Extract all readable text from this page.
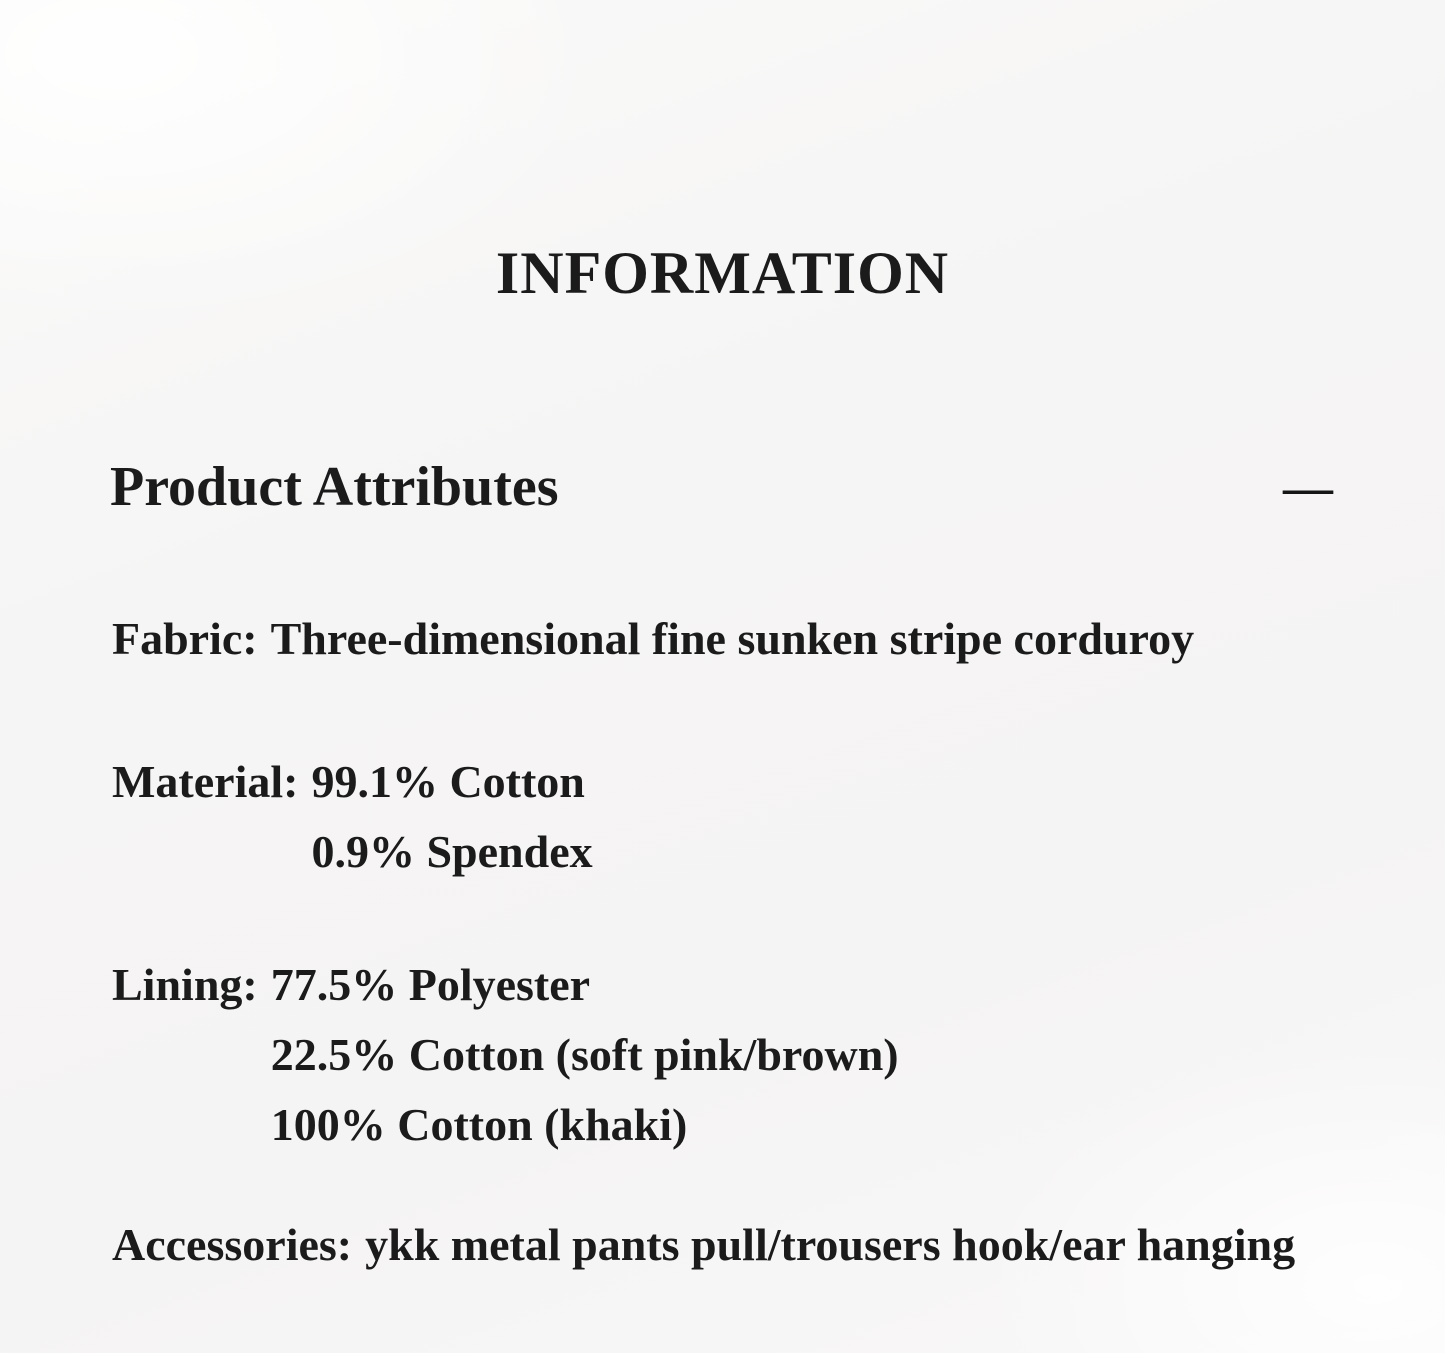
INFORMATION
Product Attributes	—
Fabric: Three-dimensional fine sunken stripe corduroy
Material: 99.1% Cotton
0.9% Spendex
Lining: 77.5% Polyester
22.5% Cotton (soft pink/brown)
100% Cotton (khaki)
Accessories: ykk metal pants pull/trousers hook/ear hanging
